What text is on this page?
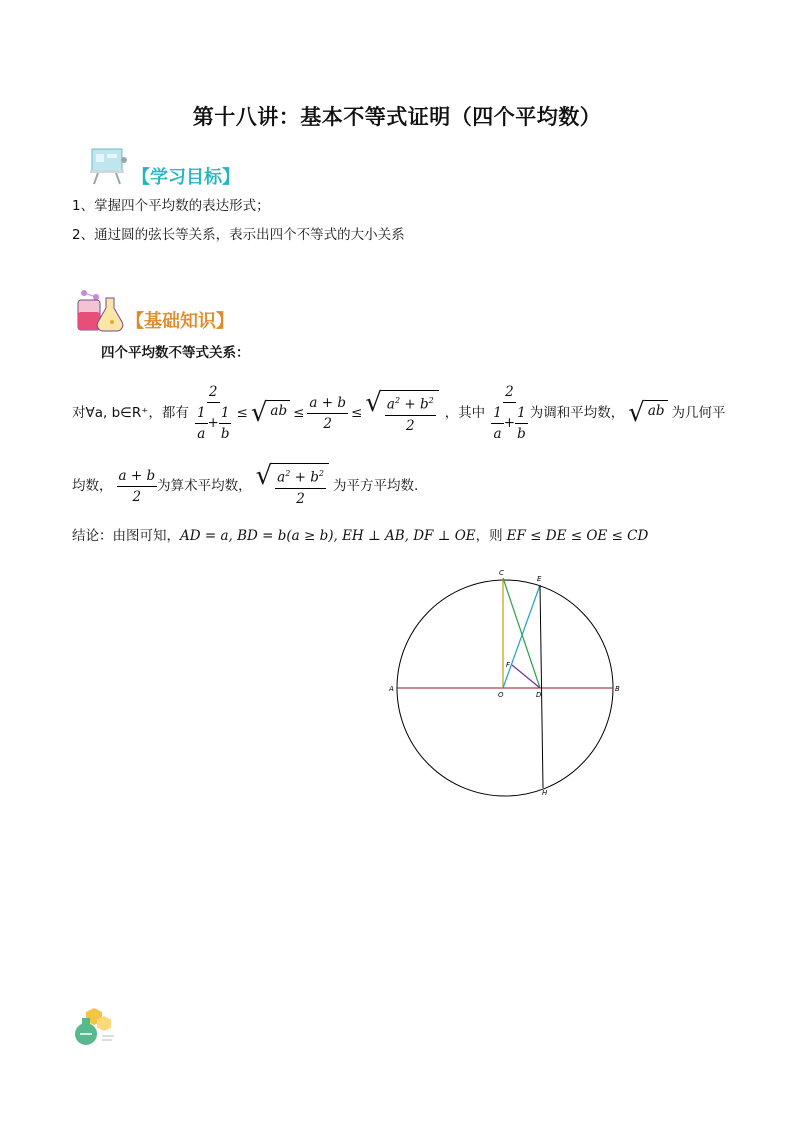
第十八讲：基本不等式证明（四个平均数）
【学习目标】
1、掌握四个平均数的表达形式；
2、通过圆的弦长等关系，表示出四个不等式的大小关系
【基础知识】
四个平均数不等式关系：
对∀a, b∈R⁺，都有 $\frac{2}{\frac{1}{a} + \frac{1}{b}}$ ≤ √ ab ≤ $\frac{a + b}{2}$ ≤ √ $\frac{a^2 + b^2}{2}$ ，其中 $\frac{2}{\frac{1}{a} + \frac{1}{b}}$ 为调和平均数， √ ab 为几何平
均数， $\frac{a + b}{2}$ 为算术平均数， √ $\frac{a^2 + b^2}{2}$ 为平方平均数.
结论：由图可知，AD = a, BD = b(a ≥ b), EH ⊥ AB, DF ⊥ OE，则 EF ≤ DE ≤ OE ≤ CD
A	B
C
D
E
F
H
O
